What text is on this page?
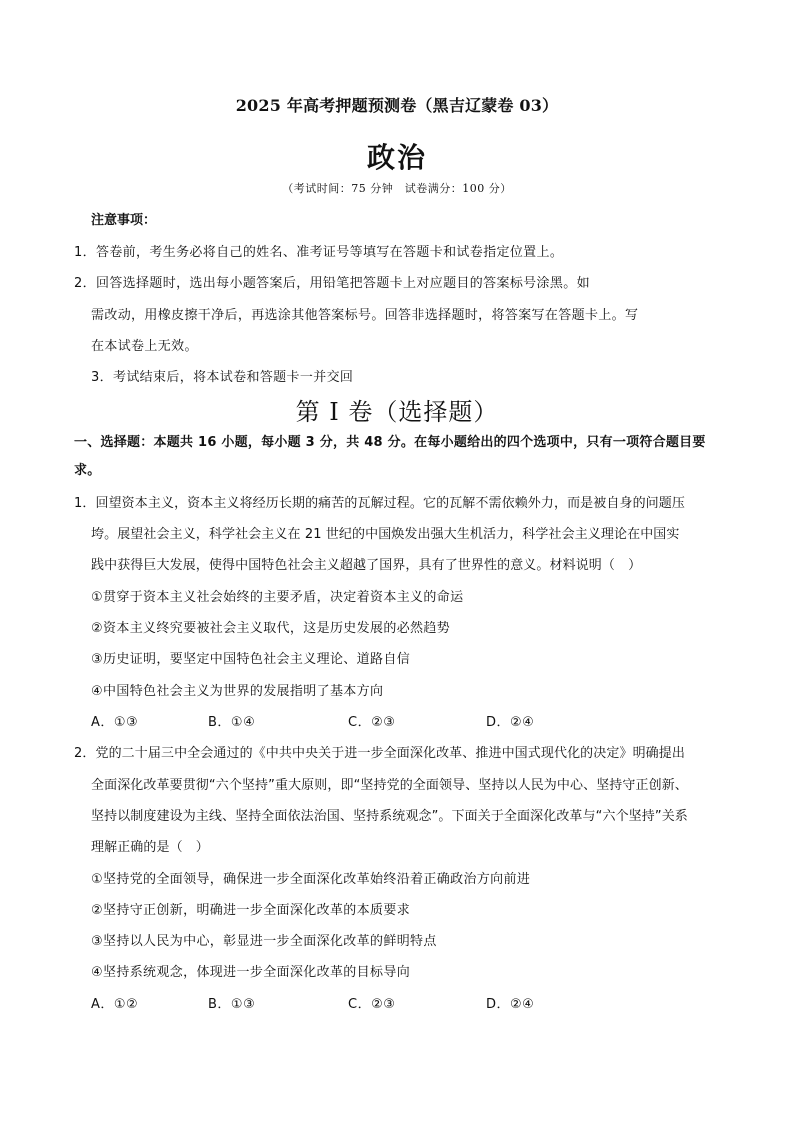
2025 年高考押题预测卷（黑吉辽蒙卷 03）
政治
（考试时间：75 分钟　试卷满分：100 分）
注意事项：
1．答卷前，考生务必将自己的姓名、准考证号等填写在答题卡和试卷指定位置上。
2．回答选择题时，选出每小题答案后，用铅笔把答题卡上对应题目的答案标号涂黑。如
需改动，用橡皮擦干净后，再选涂其他答案标号。回答非选择题时，将答案写在答题卡上。写
在本试卷上无效。
3．考试结束后，将本试卷和答题卡一并交回
第 I 卷（选择题）
一、选择题：本题共 16 小题，每小题 3 分，共 48 分。在每小题给出的四个选项中，只有一项符合题目要
求。
1．回望资本主义，资本主义将经历长期的痛苦的瓦解过程。它的瓦解不需依赖外力，而是被自身的问题压
垮。展望社会主义，科学社会主义在 21 世纪的中国焕发出强大生机活力，科学社会主义理论在中国实
践中获得巨大发展，使得中国特色社会主义超越了国界，具有了世界性的意义。材料说明（　）
①贯穿于资本主义社会始终的主要矛盾，决定着资本主义的命运
②资本主义终究要被社会主义取代，这是历史发展的必然趋势
③历史证明，要坚定中国特色社会主义理论、道路自信
④中国特色社会主义为世界的发展指明了基本方向
A．①③	B．①④	C．②③	D．②④
2．党的二十届三中全会通过的《中共中央关于进一步全面深化改革、推进中国式现代化的决定》明确提出
全面深化改革要贯彻“六个坚持”重大原则，即“坚持党的全面领导、坚持以人民为中心、坚持守正创新、
坚持以制度建设为主线、坚持全面依法治国、坚持系统观念”。下面关于全面深化改革与“六个坚持”关系
理解正确的是（　）
①坚持党的全面领导，确保进一步全面深化改革始终沿着正确政治方向前进
②坚持守正创新，明确进一步全面深化改革的本质要求
③坚持以人民为中心，彰显进一步全面深化改革的鲜明特点
④坚持系统观念，体现进一步全面深化改革的目标导向
A．①②	B．①③	C．②③	D．②④
